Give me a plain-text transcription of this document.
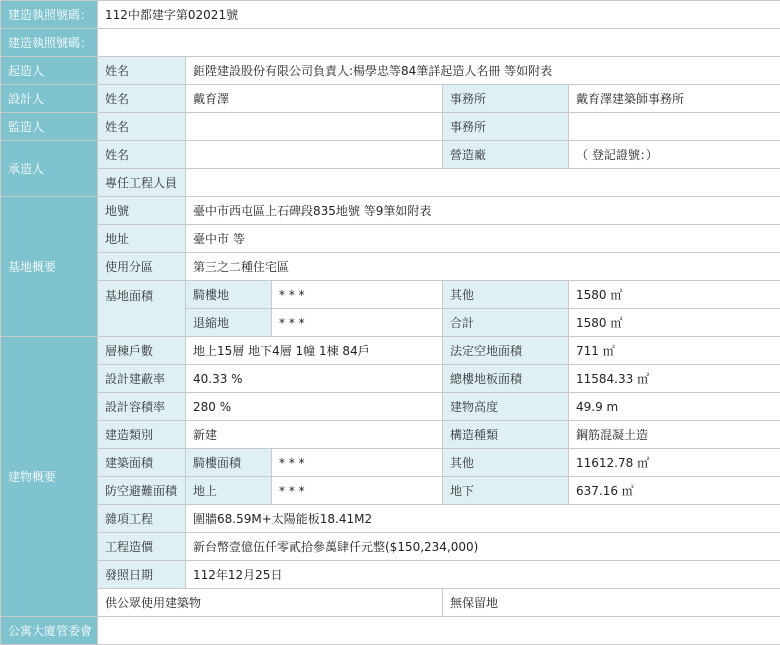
建造執照號碼：	112中都建字第02021號				
建造執照號碼：					
起造人	姓名	鉅陞建設股份有限公司負責人:楊學忠等84筆詳起造人名冊 等如附表			
設計人	姓名	戴育澤		事務所	戴育澤建築師事務所
監造人	姓名			事務所	
承造人	姓名			營造廠	（ 登記證號：）
	專任工程人員				
基地概要	地號	臺中市西屯區上石碑段835地號 等9筆如附表			
	地址	臺中市 等			
	使用分區	第三之二種住宅區			
	基地面積	騎樓地	* * *	其他	1580 ㎡
		退縮地	* * *	合計	1580 ㎡
建物概要	層棟戶數	地上15層 地下4層 1幢 1棟 84戶		法定空地面積	711 ㎡
	設計建蔽率	40.33 %		總樓地板面積	11584.33 ㎡
	設計容積率	280 %		建物高度	49.9 m
	建造類別	新建		構造種類	鋼筋混凝土造
	建築面積	騎樓面積	* * *	其他	11612.78 ㎡
	防空避難面積	地上	* * *	地下	637.16 ㎡
	雜項工程	圍牆68.59M+太陽能板18.41M2			
	工程造價	新台幣壹億伍仟零貳拾參萬肆仟元整($150,234,000)			
	發照日期	112年12月25日			
	供公眾使用建築物			無保留地	
公寓大廈管委會					
